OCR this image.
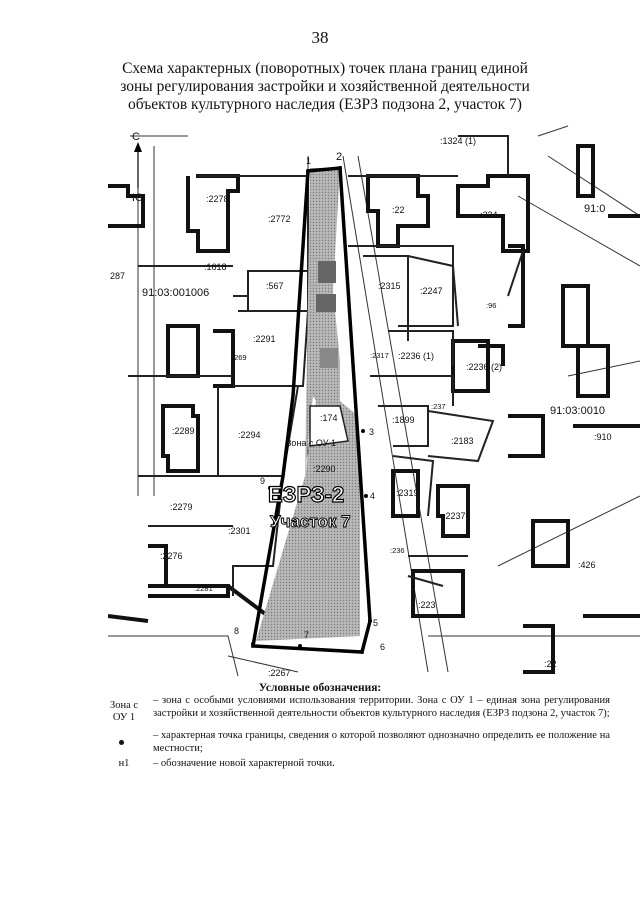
38
Схема характерных (поворотных) точек плана границ единой зоны регулирования застройки и хозяйственной деятельности объектов культурного наследия (ЕЗРЗ подзона 2, участок 7)
С
Ю
91:03:001006
91:03:0010
91:0
:2278
:2772
:1618
:567
:2291
:269
:2289	:2294
:2279
:2301
:2276
:2281
:2290
:174
:2267
:1324 (1)
:22	:224
:2315 :2247
:2317 :2236 (1)
:2236 (2)
:1899
:2183
:237
:2319
:2237
:236
:223
:426
:910
:96
:22
287
1 2
3
4
5
6
7
8
9
Зона с ОУ 1
ЕЗРЗ-2
Участок 7
Условные обозначения:
Зона с ОУ 1
– зона с особыми условиями использования территории. Зона с ОУ 1 – единая зона регулирования застройки и хозяйственной деятельности объектов культурного наследия (ЕЗРЗ подзона 2, участок 7);
– характерная точка границы, сведения о которой позволяют однозначно определить ее положение на местности;
н1	– обозначение новой характерной точки.
